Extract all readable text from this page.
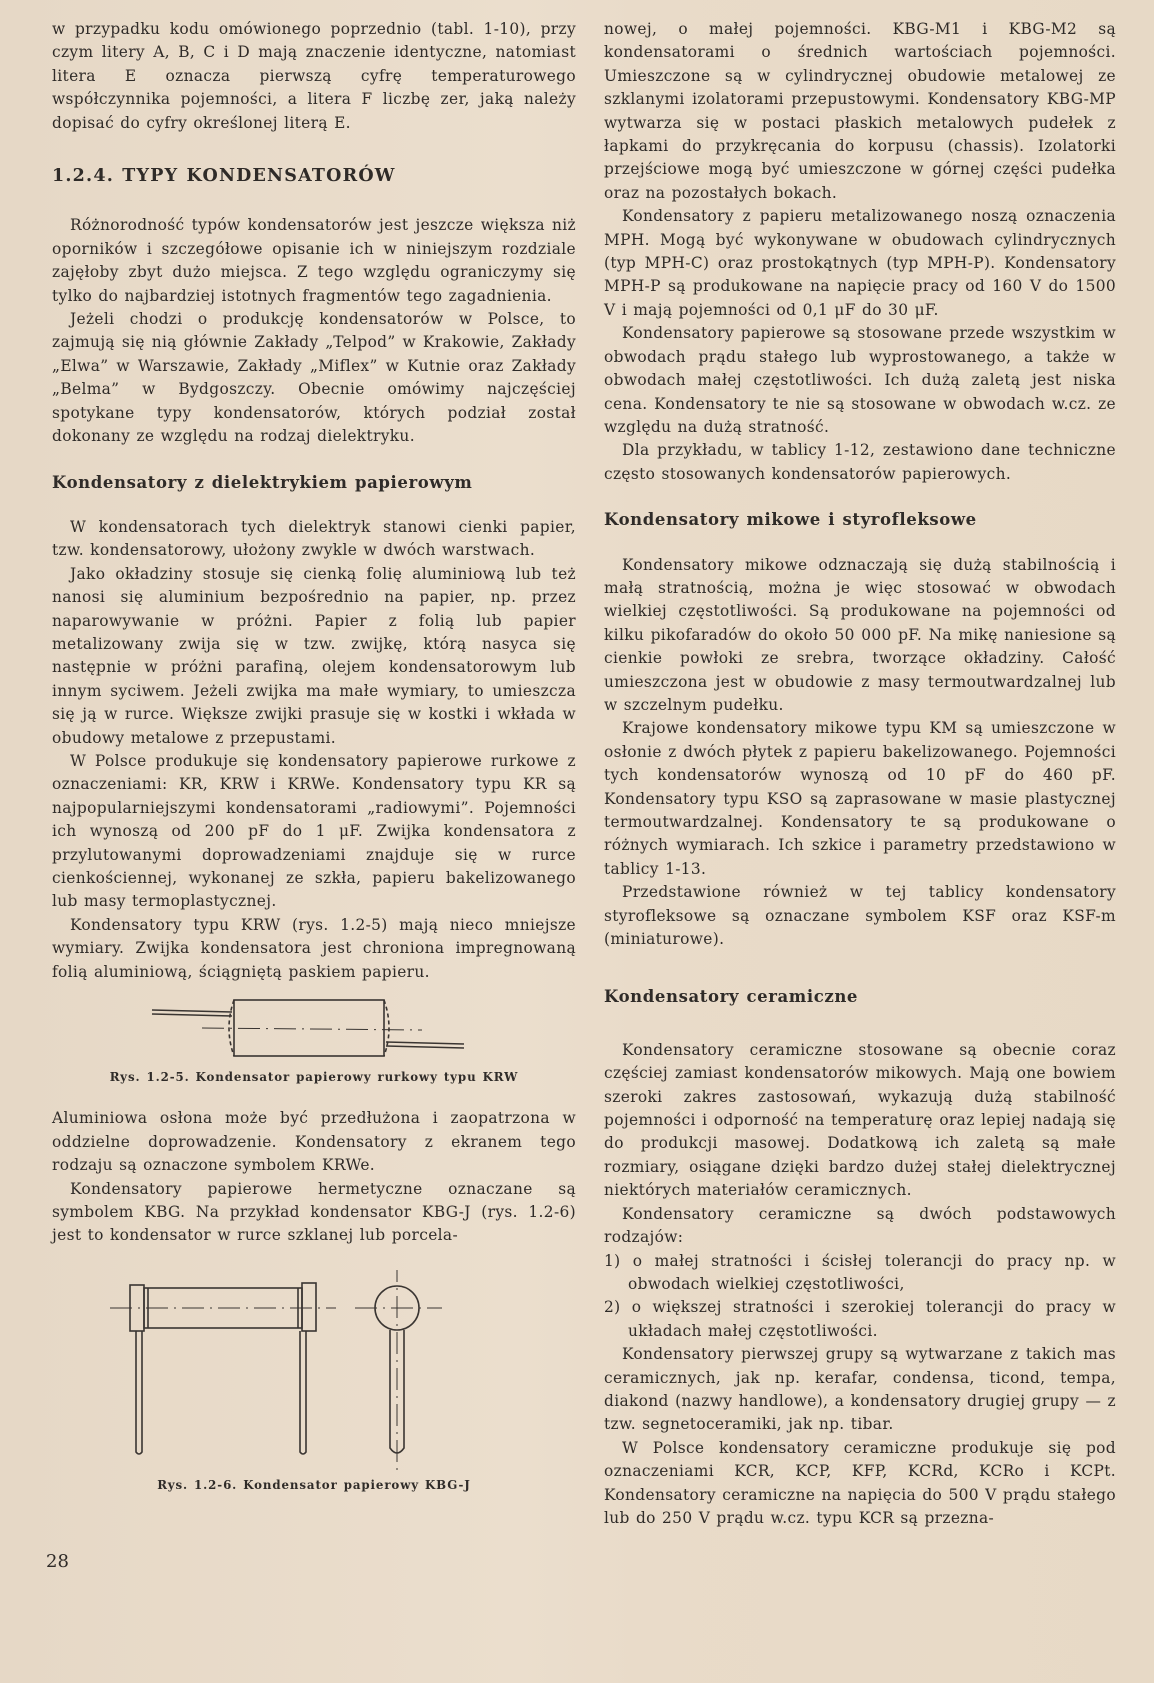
w przypadku kodu omówionego poprzednio (tabl. 1-10), przy czym litery A, B, C i D mają znaczenie identyczne, natomiast litera E oznacza pierwszą cyfrę temperaturowego współczynnika pojemności, a litera F liczbę zer, jaką należy dopisać do cyfry określonej literą E.

1.2.4. TYPY KONDENSATORÓW

Różnorodność typów kondensatorów jest jeszcze większa niż oporników i szczegółowe opisanie ich w niniejszym rozdziale zajęłoby zbyt dużo miejsca. Z tego względu ograniczymy się tylko do najbardziej istotnych fragmentów tego zagadnienia.

Jeżeli chodzi o produkcję kondensatorów w Polsce, to zajmują się nią głównie Zakłady „Telpod” w Krakowie, Zakłady „Elwa” w Warszawie, Zakłady „Miflex” w Kutnie oraz Zakłady „Belma” w Bydgoszczy. Obecnie omówimy najczęściej spotykane typy kondensatorów, których podział został dokonany ze względu na rodzaj dielektryku.

Kondensatory z dielektrykiem papierowym

W kondensatorach tych dielektryk stanowi cienki papier, tzw. kondensatorowy, ułożony zwykle w dwóch warstwach.

Jako okładziny stosuje się cienką folię aluminiową lub też nanosi się aluminium bezpośrednio na papier, np. przez naparowywanie w próżni. Papier z folią lub papier metalizowany zwija się w tzw. zwijkę, którą nasyca się następnie w próżni parafiną, olejem kondensatorowym lub innym syciwem. Jeżeli zwijka ma małe wymiary, to umieszcza się ją w rurce. Większe zwijki prasuje się w kostki i wkłada w obudowy metalowe z przepustami.

W Polsce produkuje się kondensatory papierowe rurkowe z oznaczeniami: KR, KRW i KRWe. Kondensatory typu KR są najpopularniejszymi kondensatorami „radiowymi”. Pojemności ich wynoszą od 200 pF do 1 μF. Zwijka kondensatora z przylutowanymi doprowadzeniami znajduje się w rurce cienkościennej, wykonanej ze szkła, papieru bakelizowanego lub masy termoplastycznej.

Kondensatory typu KRW (rys. 1.2-5) mają nieco mniejsze wymiary. Zwijka kondensatora jest chroniona impregnowaną folią aluminiową, ściągniętą paskiem papieru.

Rys. 1.2-5. Kondensator papierowy rurkowy typu KRW

Aluminiowa osłona może być przedłużona i zaopatrzona w oddzielne doprowadzenie. Kondensatory z ekranem tego rodzaju są oznaczone symbolem KRWe.

Kondensatory papierowe hermetyczne oznaczane są symbolem KBG. Na przykład kondensator KBG-J (rys. 1.2-6) jest to kondensator w rurce szklanej lub porcela-

Rys. 1.2-6. Kondensator papierowy KBG-J

nowej, o małej pojemności. KBG-M1 i KBG-M2 są kondensatorami o średnich wartościach pojemności. Umieszczone są w cylindrycznej obudowie metalowej ze szklanymi izolatorami przepustowymi. Kondensatory KBG-MP wytwarza się w postaci płaskich metalowych pudełek z łapkami do przykręcania do korpusu (chassis). Izolatorki przejściowe mogą być umieszczone w górnej części pudełka oraz na pozostałych bokach.

Kondensatory z papieru metalizowanego noszą oznaczenia MPH. Mogą być wykonywane w obudowach cylindrycznych (typ MPH-C) oraz prostokątnych (typ MPH-P). Kondensatory MPH-P są produkowane na napięcie pracy od 160 V do 1500 V i mają pojemności od 0,1 μF do 30 μF.

Kondensatory papierowe są stosowane przede wszystkim w obwodach prądu stałego lub wyprostowanego, a także w obwodach małej częstotliwości. Ich dużą zaletą jest niska cena. Kondensatory te nie są stosowane w obwodach w.cz. ze względu na dużą stratność.

Dla przykładu, w tablicy 1-12, zestawiono dane techniczne często stosowanych kondensatorów papierowych.

Kondensatory mikowe i styrofleksowe

Kondensatory mikowe odznaczają się dużą stabilnością i małą stratnością, można je więc stosować w obwodach wielkiej częstotliwości. Są produkowane na pojemności od kilku pikofaradów do około 50 000 pF. Na mikę naniesione są cienkie powłoki ze srebra, tworzące okładziny. Całość umieszczona jest w obudowie z masy termoutwardzalnej lub w szczelnym pudełku.

Krajowe kondensatory mikowe typu KM są umieszczone w osłonie z dwóch płytek z papieru bakelizowanego. Pojemności tych kondensatorów wynoszą od 10 pF do 460 pF. Kondensatory typu KSO są zaprasowane w masie plastycznej termoutwardzalnej. Kondensatory te są produkowane o różnych wymiarach. Ich szkice i parametry przedstawiono w tablicy 1-13.

Przedstawione również w tej tablicy kondensatory styrofleksowe są oznaczane symbolem KSF oraz KSF-m (miniaturowe).

Kondensatory ceramiczne

Kondensatory ceramiczne stosowane są obecnie coraz częściej zamiast kondensatorów mikowych. Mają one bowiem szeroki zakres zastosowań, wykazują dużą stabilność pojemności i odporność na temperaturę oraz lepiej nadają się do produkcji masowej. Dodatkową ich zaletą są małe rozmiary, osiągane dzięki bardzo dużej stałej dielektrycznej niektórych materiałów ceramicznych.

Kondensatory ceramiczne są dwóch podstawowych rodzajów:

1) o małej stratności i ścisłej tolerancji do pracy np. w obwodach wielkiej częstotliwości,

2) o większej stratności i szerokiej tolerancji do pracy w układach małej częstotliwości.

Kondensatory pierwszej grupy są wytwarzane z takich mas ceramicznych, jak np. kerafar, condensa, ticond, tempa, diakond (nazwy handlowe), a kondensatory drugiej grupy — z tzw. segnetoceramiki, jak np. tibar.

W Polsce kondensatory ceramiczne produkuje się pod oznaczeniami KCR, KCP, KFP, KCRd, KCRo i KCPt. Kondensatory ceramiczne na napięcia do 500 V prądu stałego lub do 250 V prądu w.cz. typu KCR są przezna-

28
